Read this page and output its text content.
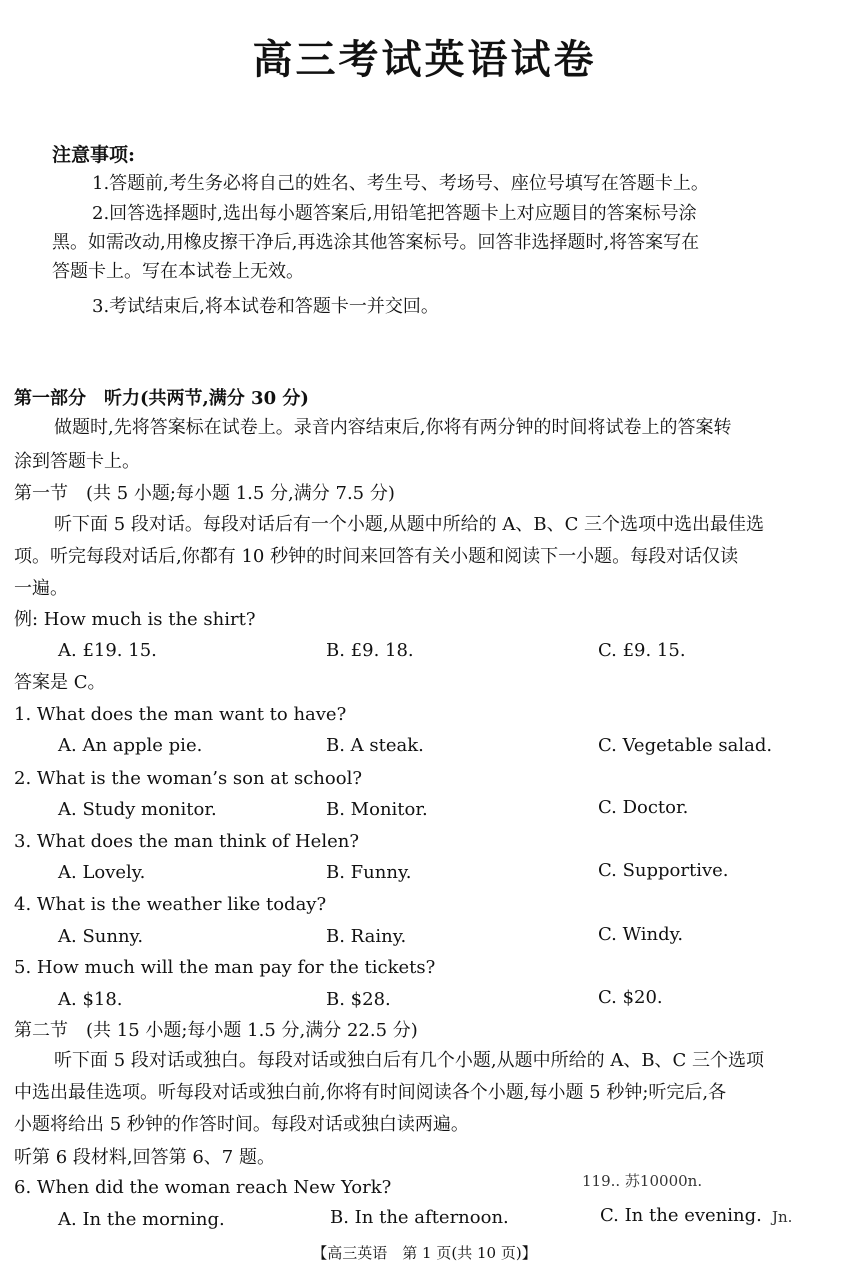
高三考试英语试卷
注意事项:
1.答题前,考生务必将自己的姓名、考生号、考场号、座位号填写在答题卡上。
2.回答选择题时,选出每小题答案后,用铅笔把答题卡上对应题目的答案标号涂
黑。如需改动,用橡皮擦干净后,再选涂其他答案标号。回答非选择题时,将答案写在
答题卡上。写在本试卷上无效。
3.考试结束后,将本试卷和答题卡一并交回。
第一部分　听力(共两节,满分 30 分)
做题时,先将答案标在试卷上。录音内容结束后,你将有两分钟的时间将试卷上的答案转
涂到答题卡上。
第一节　(共 5 小题;每小题 1.5 分,满分 7.5 分)
听下面 5 段对话。每段对话后有一个小题,从题中所给的 A、B、C 三个选项中选出最佳选
项。听完每段对话后,你都有 10 秒钟的时间来回答有关小题和阅读下一小题。每段对话仅读
一遍。
例: How much is the shirt?
A. £19. 15.	B. £9. 18.	C. £9. 15.
答案是 C。
1. What does the man want to have?
A. An apple pie.	B. A steak.	C. Vegetable salad.
2. What is the woman’s son at school?
A. Study monitor.	B. Monitor.	C. Doctor.
3. What does the man think of Helen?
A. Lovely.	B. Funny.	C. Supportive.
4. What is the weather like today?
A. Sunny.	B. Rainy.	C. Windy.
5. How much will the man pay for the tickets?
A. $18.	B. $28.	C. $20.
第二节　(共 15 小题;每小题 1.5 分,满分 22.5 分)
听下面 5 段对话或独白。每段对话或独白后有几个小题,从题中所给的 A、B、C 三个选项
中选出最佳选项。听每段对话或独白前,你将有时间阅读各个小题,每小题 5 秒钟;听完后,各
小题将给出 5 秒钟的作答时间。每段对话或独白读两遍。
听第 6 段材料,回答第 6、7 题。
6. When did the woman reach New York?	119.. 苏10000n.
A. In the morning.	B. In the afternoon.	C. In the evening. Jn.
【高三英语　第 1 页(共 10 页)】
